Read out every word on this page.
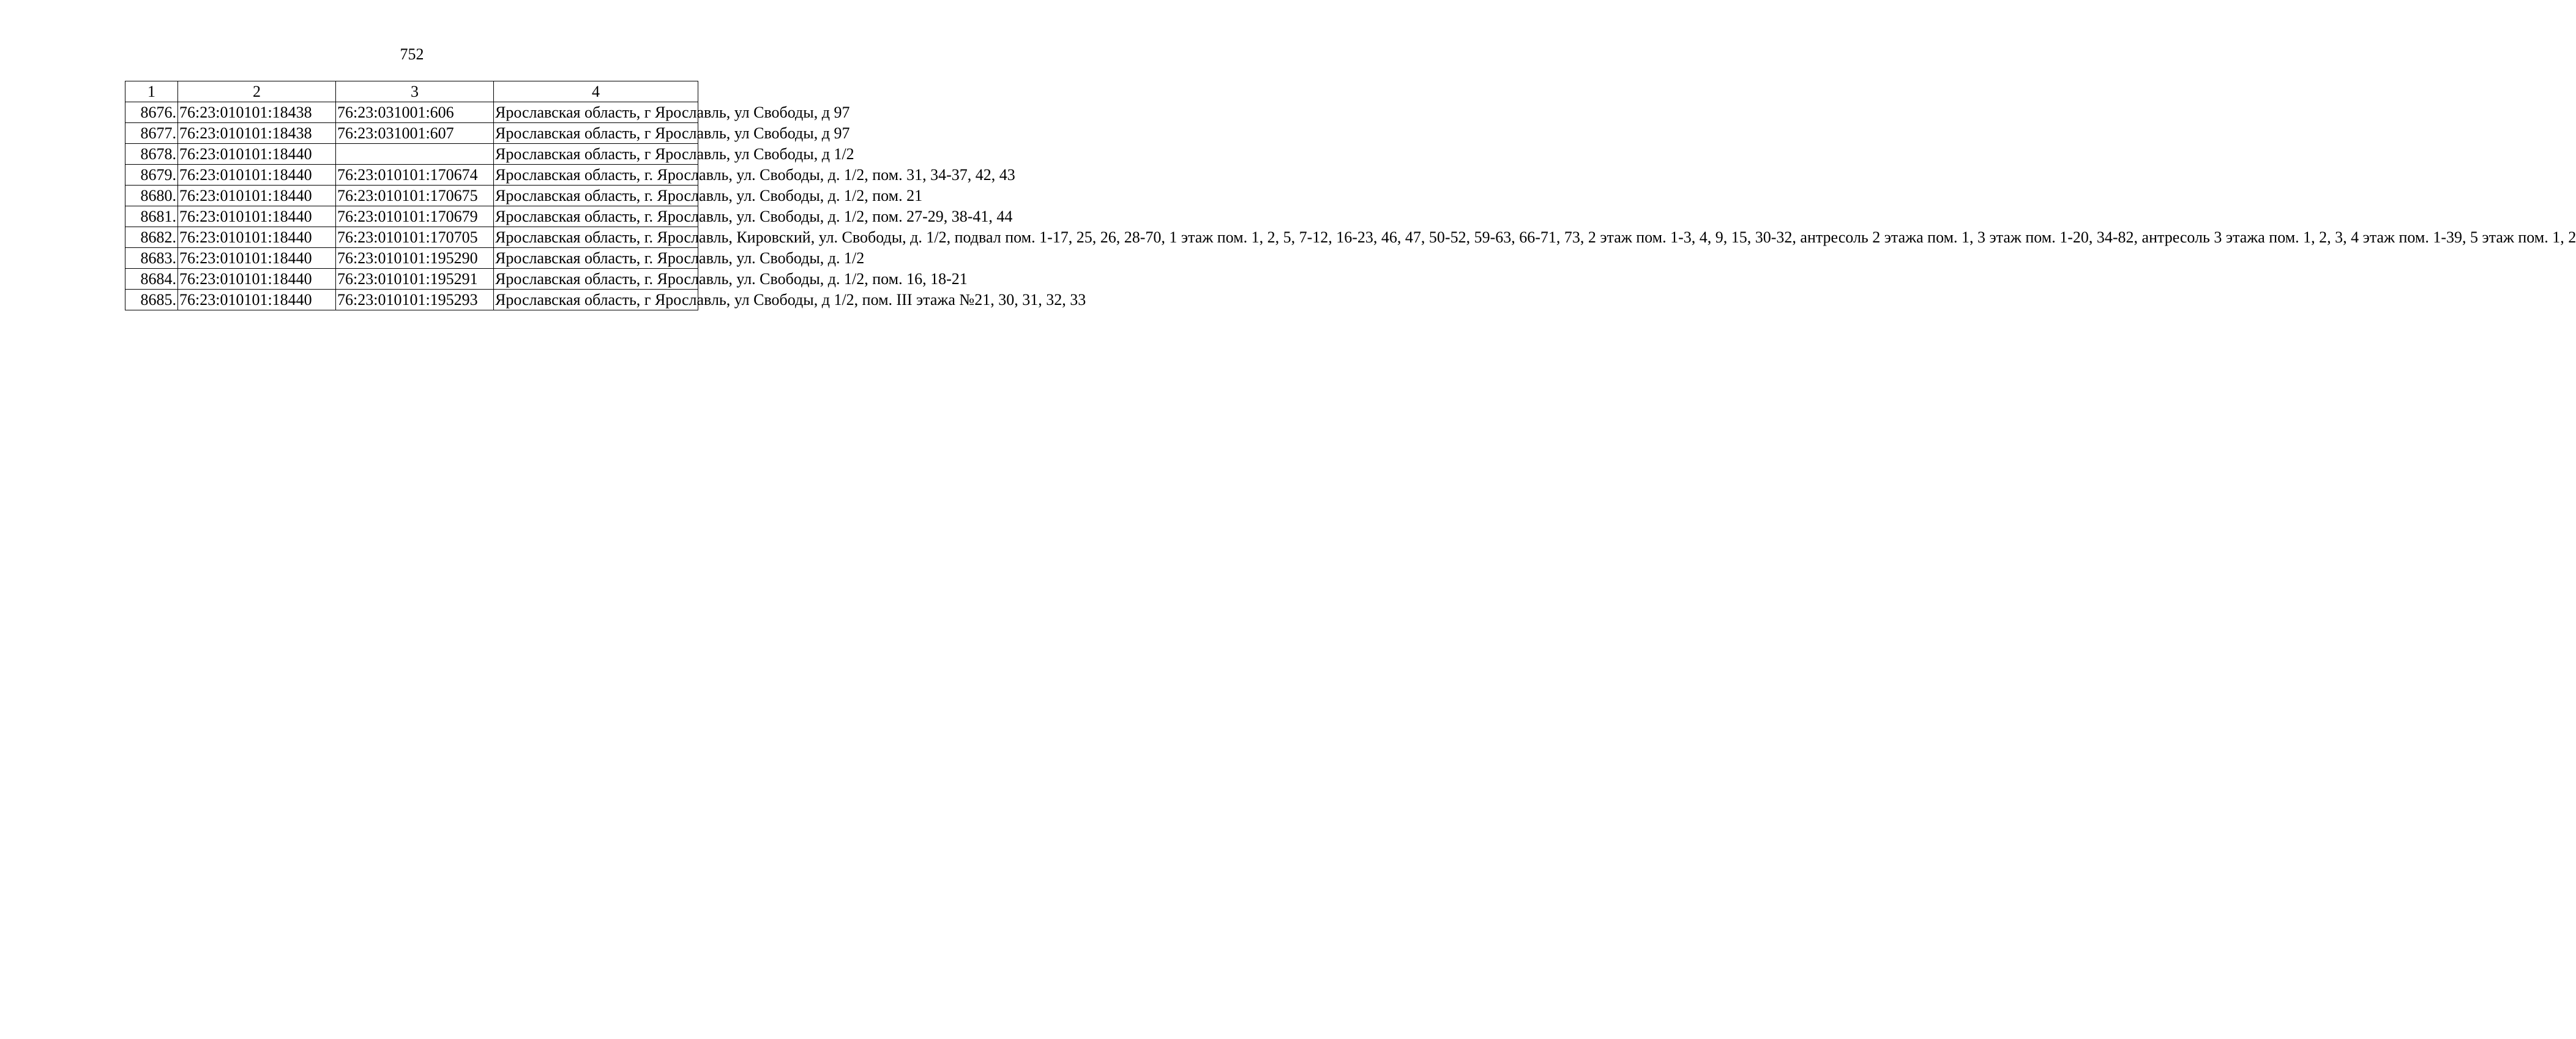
752
1	2	3	4
8676.	76:23:010101:18438	76:23:031001:606	Ярославская область, г Ярославль, ул Свободы, д 97
8677.	76:23:010101:18438	76:23:031001:607	Ярославская область, г Ярославль, ул Свободы, д 97
8678.	76:23:010101:18440		Ярославская область, г Ярославль, ул Свободы, д 1/2
8679.	76:23:010101:18440	76:23:010101:170674	Ярославская область, г. Ярославль, ул. Свободы, д. 1/2, пом. 31, 34-37, 42, 43
8680.	76:23:010101:18440	76:23:010101:170675	Ярославская область, г. Ярославль, ул. Свободы, д. 1/2, пом. 21
8681.	76:23:010101:18440	76:23:010101:170679	Ярославская область, г. Ярославль, ул. Свободы, д. 1/2, пом. 27-29, 38-41, 44
8682.	76:23:010101:18440	76:23:010101:170705	Ярославская область, г. Ярославль, Кировский, ул. Свободы, д. 1/2, подвал пом. 1-17, 25, 26, 28-70, 1 этаж пом. 1, 2, 5, 7-12, 16-23, 46, 47, 50-52, 59-63, 66-71, 73, 2 этаж пом. 1-3, 4, 9, 15, 30-32, антресоль 2 этажа пом. 1, 3 этаж пом. 1-20, 34-82, антресоль 3 этажа пом. 1, 2, 3, 4 этаж пом. 1-39, 5 этаж пом. 1, 2
8683.	76:23:010101:18440	76:23:010101:195290	Ярославская область, г. Ярославль, ул. Свободы, д. 1/2
8684.	76:23:010101:18440	76:23:010101:195291	Ярославская область, г. Ярославль, ул. Свободы, д. 1/2, пом. 16, 18-21
8685.	76:23:010101:18440	76:23:010101:195293	Ярославская область, г Ярославль, ул Свободы, д 1/2, пом. III этажа №21, 30, 31, 32, 33
